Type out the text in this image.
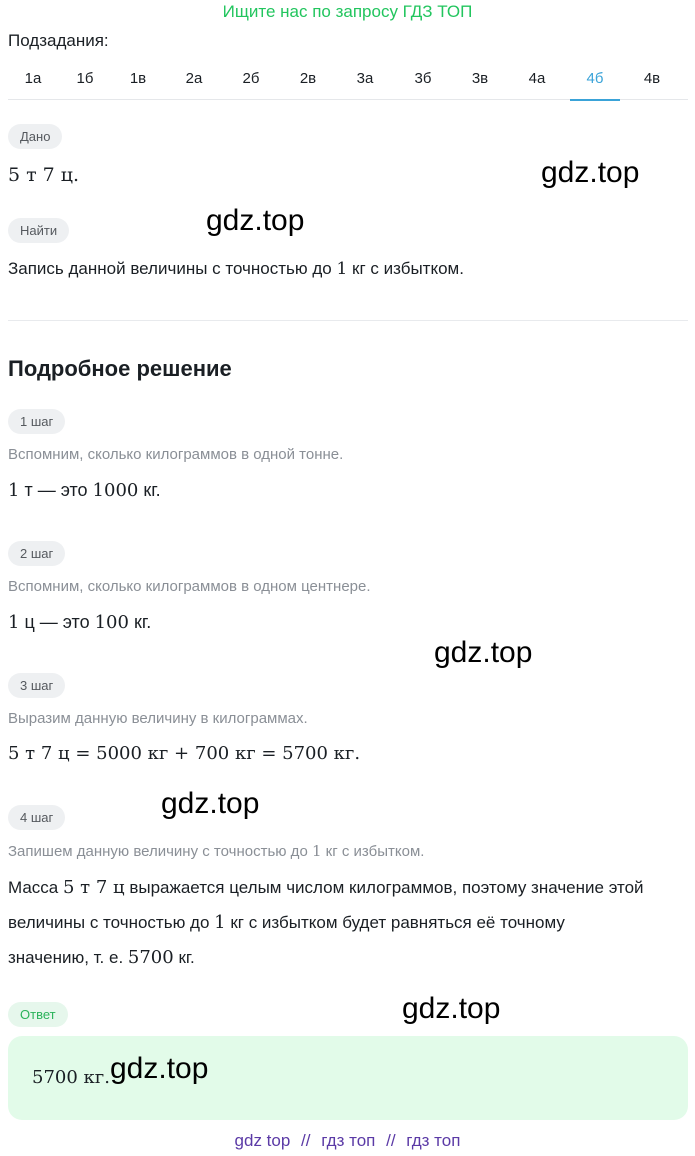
Ищите нас по запросу ГДЗ ТОП
Подзадания:
1а	1б	1в	2а	2б	2в	3а	3б	3в	4а	4б	4в
Дано
5 т 7 ц.
Найти
Запись данной величины с точностью до 1 кг с избытком.
Подробное решение
1 шаг
Вспомним, сколько килограммов в одной тонне.
1 т — это 1000 кг.
2 шаг
Вспомним, сколько килограммов в одном центнере.
1 ц — это 100 кг.
3 шаг
Выразим данную величину в килограммах.
5 т 7 ц = 5000 кг + 700 кг = 5700 кг.
4 шаг
Запишем данную величину с точностью до 1 кг с избытком.
Масса 5 т 7 ц выражается целым числом килограммов, поэтому значение этой
величины с точностью до 1 кг с избытком будет равняться её точному
значению, т. е. 5700 кг.
Ответ
5700 кг.
gdz.top
gdz.top
gdz.top
gdz.top
gdz.top
gdz.top
gdz top // гдз топ // гдз топ
